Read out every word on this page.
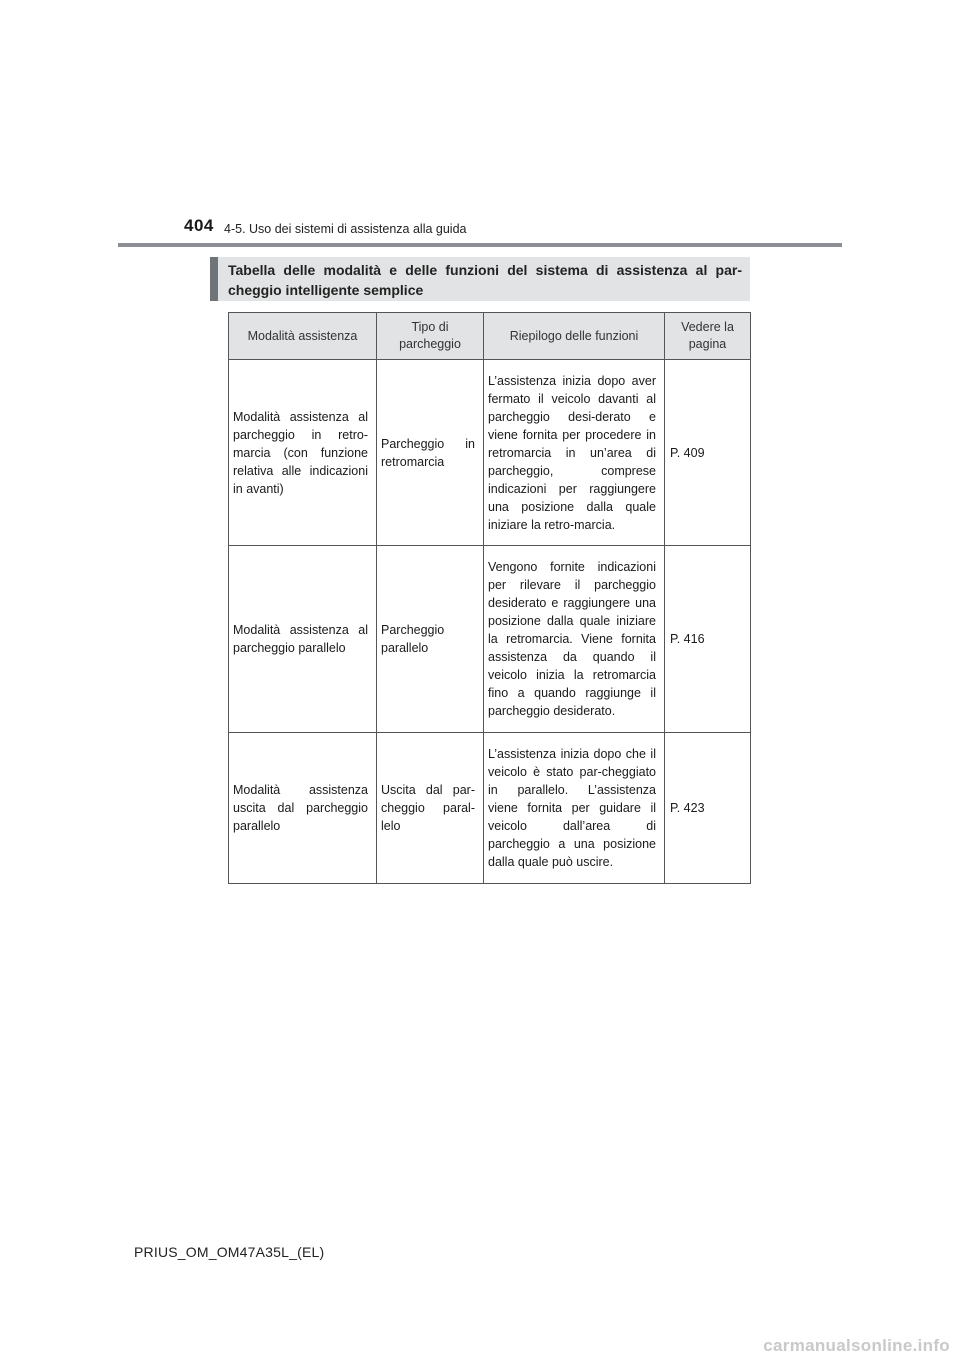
404 4-5. Uso dei sistemi di assistenza alla guida
Tabella delle modalità e delle funzioni del sistema di assistenza al par-cheggio intelligente semplice
Modalità assistenza	Tipo di parcheggio	Riepilogo delle funzioni	Vedere la pagina
Modalità assistenza al parcheggio in retro-marcia (con funzione relativa alle indicazioni in avanti)	Parcheggio in retromarcia	L’assistenza inizia dopo aver fermato il veicolo davanti al parcheggio desi-derato e viene fornita per procedere in retromarcia in un’area di parcheggio, comprese indicazioni per raggiungere una posizione dalla quale iniziare la retro-marcia.	P. 409
Modalità assistenza al parcheggio parallelo	Parcheggio parallelo	Vengono fornite indicazioni per rilevare il parcheggio desiderato e raggiungere una posizione dalla quale iniziare la retromarcia. Viene fornita assistenza da quando il veicolo inizia la retromarcia fino a quando raggiunge il parcheggio desiderato.	P. 416
Modalità assistenza uscita dal parcheggio parallelo	Uscita dal par-cheggio paral-lelo	L’assistenza inizia dopo che il veicolo è stato par-cheggiato in parallelo. L’assistenza viene fornita per guidare il veicolo dall’area di parcheggio a una posizione dalla quale può uscire.	P. 423
PRIUS_OM_OM47A35L_(EL)
carmanualsonline.info
